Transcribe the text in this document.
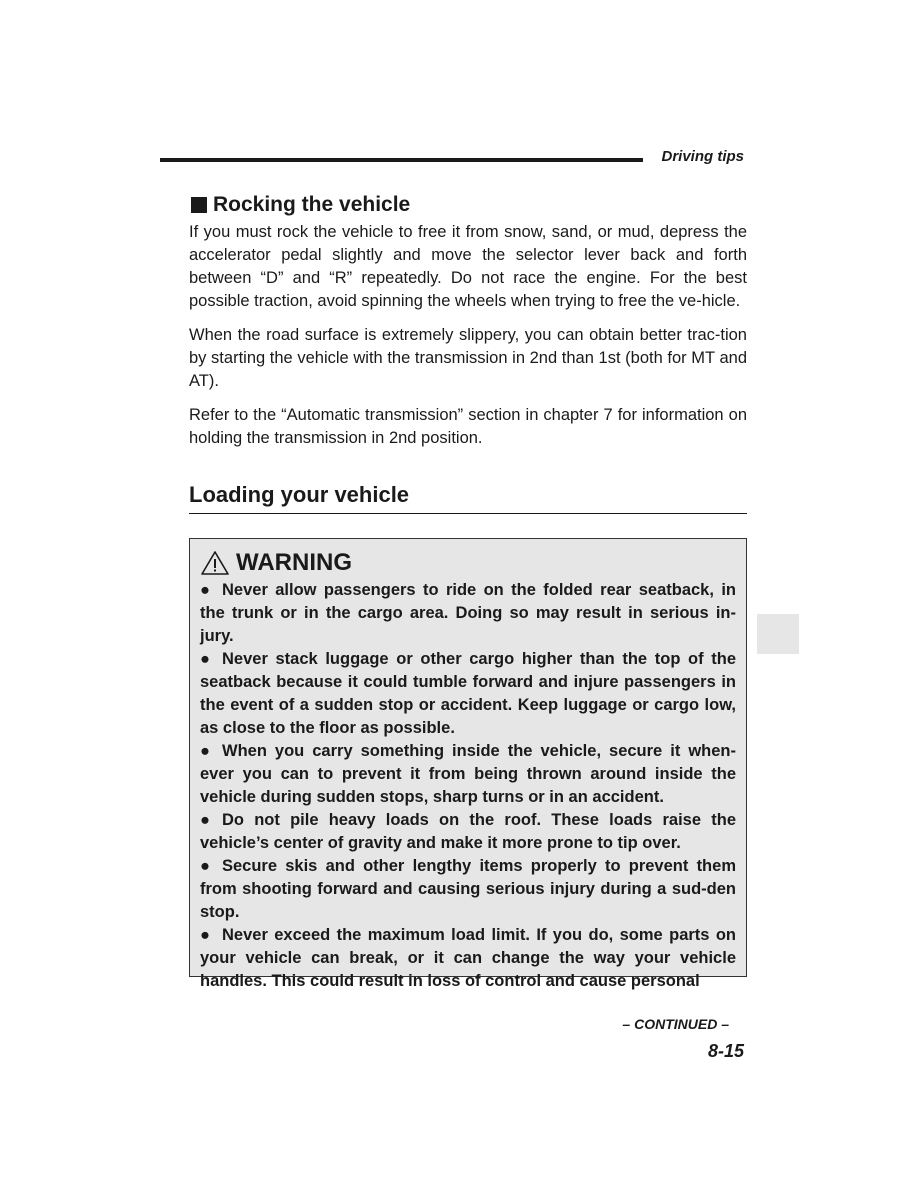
Driving tips
Rocking the vehicle

If you must rock the vehicle to free it from snow, sand, or mud, depress the accelerator pedal slightly and move the selector lever back and forth between “D” and “R” repeatedly. Do not race the engine. For the best possible traction, avoid spinning the wheels when trying to free the ve-hicle.

When the road surface is extremely slippery, you can obtain better trac-tion by starting the vehicle with the transmission in 2nd than 1st (both for MT and AT).

Refer to the “Automatic transmission” section in chapter 7 for information on holding the transmission in 2nd position.

Loading your vehicle
WARNING

● Never allow passengers to ride on the folded rear seatback, in the trunk or in the cargo area. Doing so may result in serious in-jury.

● Never stack luggage or other cargo higher than the top of the seatback because it could tumble forward and injure passengers in the event of a sudden stop or accident. Keep luggage or cargo low, as close to the floor as possible.

● When you carry something inside the vehicle, secure it when-ever you can to prevent it from being thrown around inside the vehicle during sudden stops, sharp turns or in an accident.

● Do not pile heavy loads on the roof. These loads raise the vehicle’s center of gravity and make it more prone to tip over.

● Secure skis and other lengthy items properly to prevent them from shooting forward and causing serious injury during a sud-den stop.

● Never exceed the maximum load limit. If you do, some parts on your vehicle can break, or it can change the way your vehicle handles. This could result in loss of control and cause personal

– CONTINUED –
8-15
